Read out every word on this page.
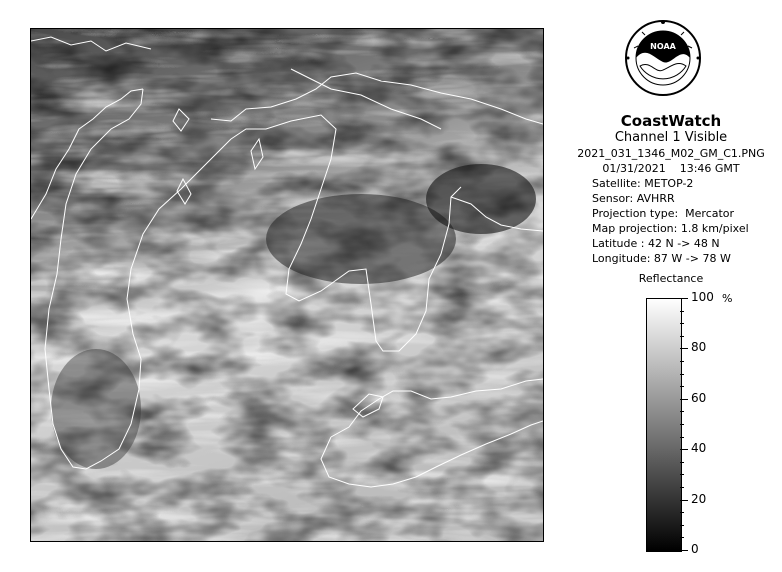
NOAA
CoastWatch
Channel 1 Visible
2021_031_1346_M02_GM_C1.PNG
01/31/2021    13:46 GMT
Satellite: METOP-2
Sensor: AVHRR
Projection type:  Mercator
Map projection: 1.8 km/pixel
Latitude : 42 N -> 48 N
Longitude: 87 W -> 78 W
Reflectance
%
100
80
60
40
20
0
